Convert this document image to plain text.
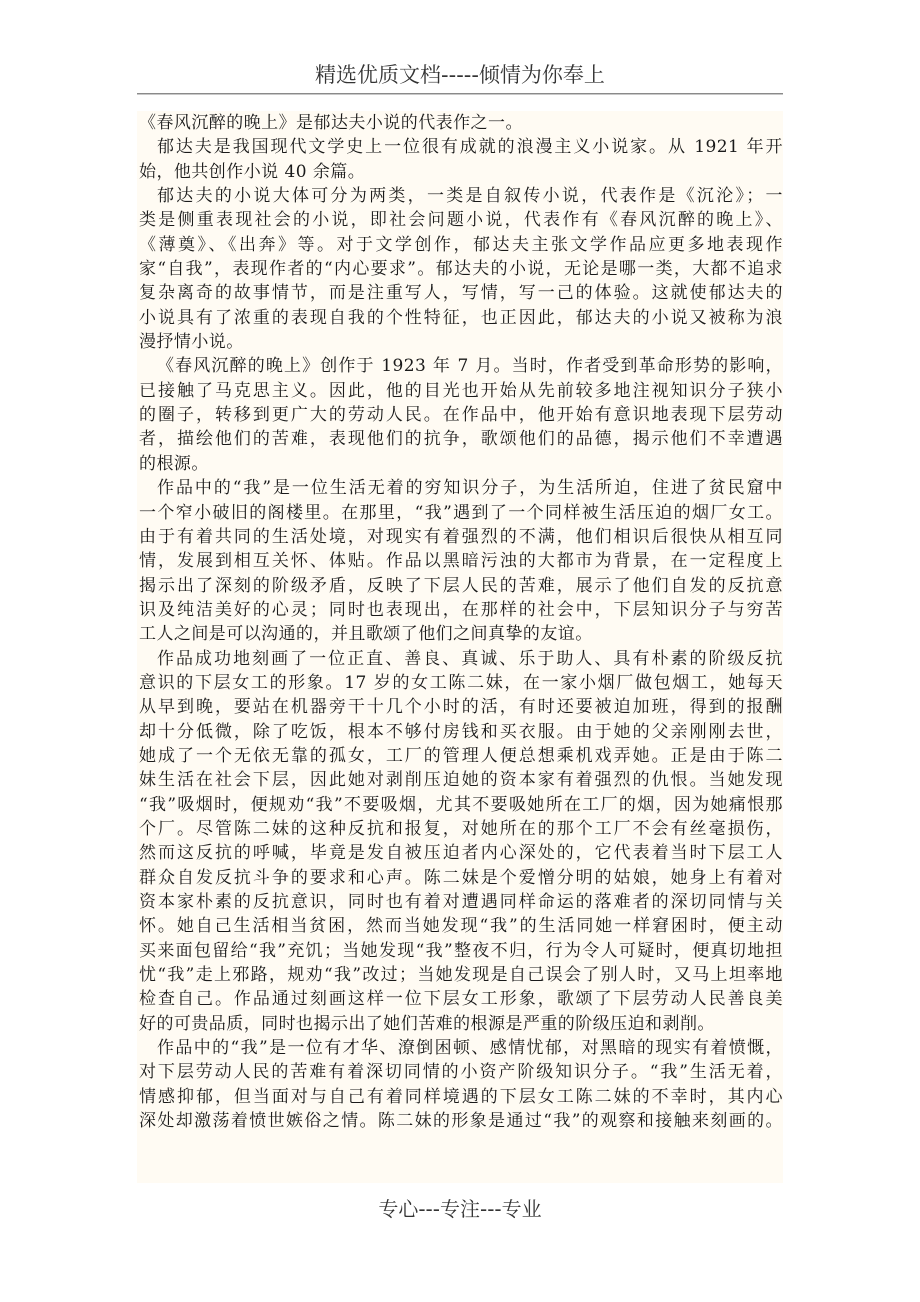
精选优质文档-----倾情为你奉上
《春风沉醉的晚上》是郁达夫小说的代表作之一。
郁达夫是我国现代文学史上一位很有成就的浪漫主义小说家。从 1921 年开
始，他共创作小说 40 余篇。
郁达夫的小说大体可分为两类，一类是自叙传小说，代表作是《沉沦》；一
类是侧重表现社会的小说，即社会问题小说，代表作有《春风沉醉的晚上》、
《薄奠》、《出奔》等。对于文学创作，郁达夫主张文学作品应更多地表现作
家“自我”，表现作者的“内心要求”。郁达夫的小说，无论是哪一类，大都不追求
复杂离奇的故事情节，而是注重写人，写情，写一己的体验。这就使郁达夫的
小说具有了浓重的表现自我的个性特征，也正因此，郁达夫的小说又被称为浪
漫抒情小说。
《春风沉醉的晚上》创作于 1923 年 7 月。当时，作者受到革命形势的影响，
已接触了马克思主义。因此，他的目光也开始从先前较多地注视知识分子狭小
的圈子，转移到更广大的劳动人民。在作品中，他开始有意识地表现下层劳动
者，描绘他们的苦难，表现他们的抗争，歌颂他们的品德，揭示他们不幸遭遇
的根源。
作品中的“我”是一位生活无着的穷知识分子，为生活所迫，住进了贫民窟中
一个窄小破旧的阁楼里。在那里，“我”遇到了一个同样被生活压迫的烟厂女工。
由于有着共同的生活处境，对现实有着强烈的不满，他们相识后很快从相互同
情，发展到相互关怀、体贴。作品以黑暗污浊的大都市为背景，在一定程度上
揭示出了深刻的阶级矛盾，反映了下层人民的苦难，展示了他们自发的反抗意
识及纯洁美好的心灵；同时也表现出，在那样的社会中，下层知识分子与穷苦
工人之间是可以沟通的，并且歌颂了他们之间真挚的友谊。
作品成功地刻画了一位正直、善良、真诚、乐于助人、具有朴素的阶级反抗
意识的下层女工的形象。17 岁的女工陈二妹，在一家小烟厂做包烟工，她每天
从早到晚，要站在机器旁干十几个小时的活，有时还要被迫加班，得到的报酬
却十分低微，除了吃饭，根本不够付房钱和买衣服。由于她的父亲刚刚去世，
她成了一个无依无靠的孤女，工厂的管理人便总想乘机戏弄她。正是由于陈二
妹生活在社会下层，因此她对剥削压迫她的资本家有着强烈的仇恨。当她发现
“我”吸烟时，便规劝“我”不要吸烟，尤其不要吸她所在工厂的烟，因为她痛恨那
个厂。尽管陈二妹的这种反抗和报复，对她所在的那个工厂不会有丝毫损伤，
然而这反抗的呼喊，毕竟是发自被压迫者内心深处的，它代表着当时下层工人
群众自发反抗斗争的要求和心声。陈二妹是个爱憎分明的姑娘，她身上有着对
资本家朴素的反抗意识，同时也有着对遭遇同样命运的落难者的深切同情与关
怀。她自己生活相当贫困，然而当她发现“我”的生活同她一样窘困时，便主动
买来面包留给“我”充饥；当她发现“我”整夜不归，行为令人可疑时，便真切地担
忧“我”走上邪路，规劝“我”改过；当她发现是自己误会了别人时，又马上坦率地
检查自己。作品通过刻画这样一位下层女工形象，歌颂了下层劳动人民善良美
好的可贵品质，同时也揭示出了她们苦难的根源是严重的阶级压迫和剥削。
作品中的“我”是一位有才华、潦倒困顿、感情忧郁，对黑暗的现实有着愤慨，
对下层劳动人民的苦难有着深切同情的小资产阶级知识分子。“我”生活无着，
情感抑郁，但当面对与自己有着同样境遇的下层女工陈二妹的不幸时，其内心
深处却激荡着愤世嫉俗之情。陈二妹的形象是通过“我”的观察和接触来刻画的。
专心---专注---专业
